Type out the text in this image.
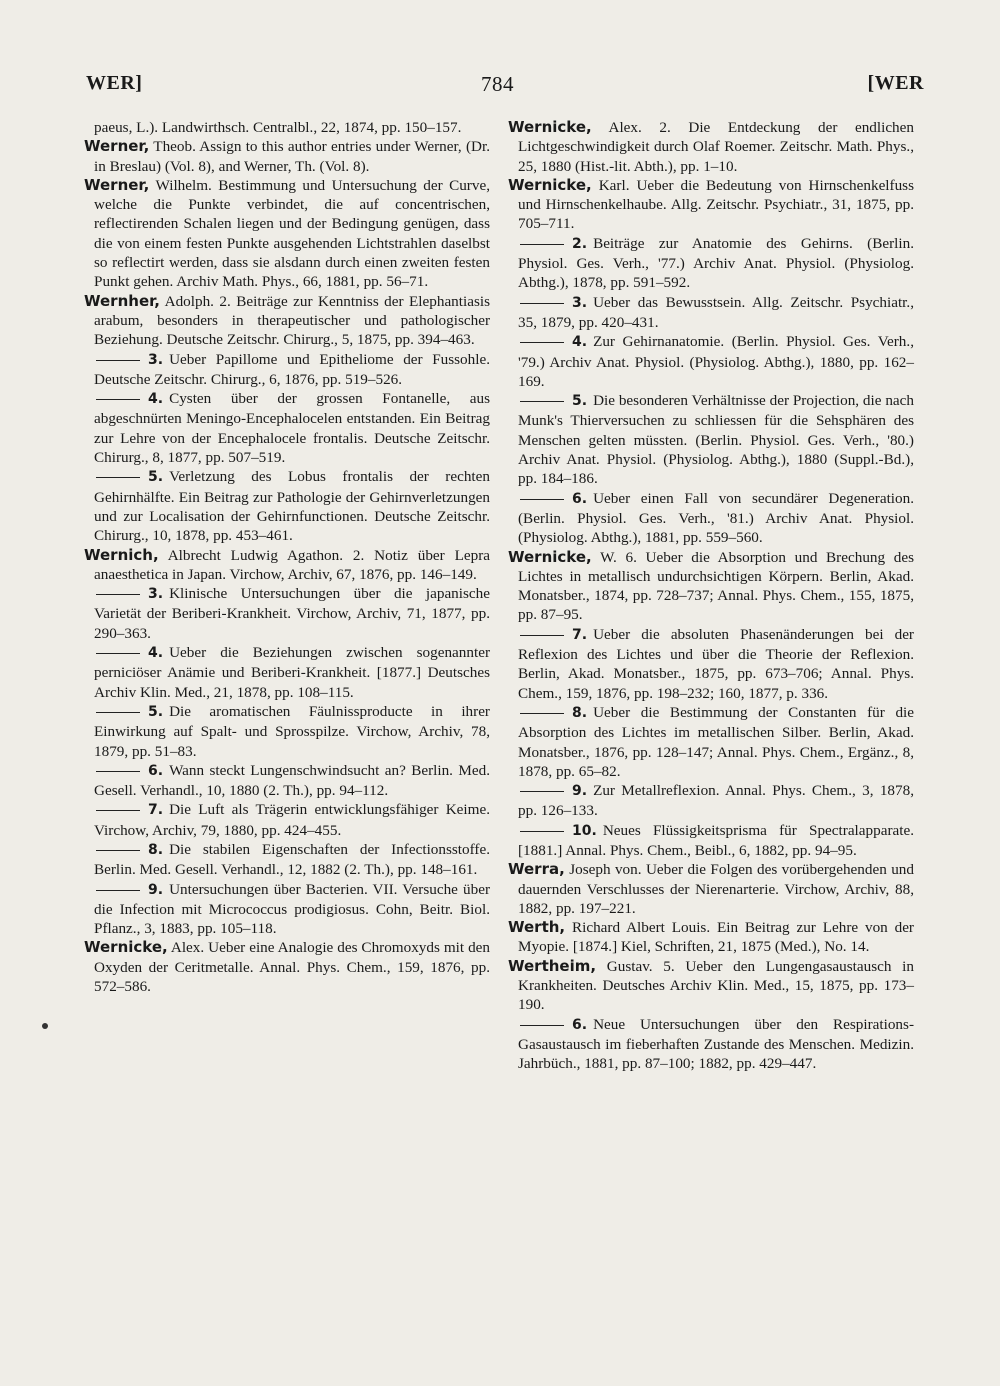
WER]	784	[WER

paeus, L.). Landwirthsch. Centralbl., 22, 1874, pp. 150–157.

Werner, Theob. Assign to this author entries under Werner, (Dr. in Breslau) (Vol. 8), and Werner, Th. (Vol. 8).

Werner, Wilhelm. Bestimmung und Untersuchung der Curve, welche die Punkte verbindet, die auf concentrischen, reflectirenden Schalen liegen und der Bedingung genügen, dass die von einem festen Punkte ausgehenden Lichtstrahlen daselbst so reflectirt werden, dass sie alsdann durch einen zweiten festen Punkt gehen. Archiv Math. Phys., 66, 1881, pp. 56–71.

Wernher, Adolph. 2. Beiträge zur Kenntniss der Elephantiasis arabum, besonders in therapeutischer und pathologischer Beziehung. Deutsche Zeitschr. Chirurg., 5, 1875, pp. 394–463.

3. Ueber Papillome und Epitheliome der Fussohle. Deutsche Zeitschr. Chirurg., 6, 1876, pp. 519–526.

4. Cysten über der grossen Fontanelle, aus abgeschnürten Meningo-Encephalocelen entstanden. Ein Beitrag zur Lehre von der Encephalocele frontalis. Deutsche Zeitschr. Chirurg., 8, 1877, pp. 507–519.

5. Verletzung des Lobus frontalis der rechten Gehirnhälfte. Ein Beitrag zur Pathologie der Gehirnverletzungen und zur Localisation der Gehirnfunctionen. Deutsche Zeitschr. Chirurg., 10, 1878, pp. 453–461.

Wernich, Albrecht Ludwig Agathon. 2. Notiz über Lepra anaesthetica in Japan. Virchow, Archiv, 67, 1876, pp. 146–149.

3. Klinische Untersuchungen über die japanische Varietät der Beriberi-Krankheit. Virchow, Archiv, 71, 1877, pp. 290–363.

4. Ueber die Beziehungen zwischen sogenannter perniciöser Anämie und Beriberi-Krankheit. [1877.] Deutsches Archiv Klin. Med., 21, 1878, pp. 108–115.

5. Die aromatischen Fäulnissproducte in ihrer Einwirkung auf Spalt- und Sprosspilze. Virchow, Archiv, 78, 1879, pp. 51–83.

6. Wann steckt Lungenschwindsucht an? Berlin. Med. Gesell. Verhandl., 10, 1880 (2. Th.), pp. 94–112.

7. Die Luft als Trägerin entwicklungsfähiger Keime. Virchow, Archiv, 79, 1880, pp. 424–455.

8. Die stabilen Eigenschaften der Infectionsstoffe. Berlin. Med. Gesell. Verhandl., 12, 1882 (2. Th.), pp. 148–161.

9. Untersuchungen über Bacterien. VII. Versuche über die Infection mit Micrococcus prodigiosus. Cohn, Beitr. Biol. Pflanz., 3, 1883, pp. 105–118.

Wernicke, Alex. Ueber eine Analogie des Chromoxyds mit den Oxyden der Ceritmetalle. Annal. Phys. Chem., 159, 1876, pp. 572–586.

Wernicke, Alex. 2. Die Entdeckung der endlichen Lichtgeschwindigkeit durch Olaf Roemer. Zeitschr. Math. Phys., 25, 1880 (Hist.-lit. Abth.), pp. 1–10.

Wernicke, Karl. Ueber die Bedeutung von Hirnschenkelfuss und Hirnschenkelhaube. Allg. Zeitschr. Psychiatr., 31, 1875, pp. 705–711.

2. Beiträge zur Anatomie des Gehirns. (Berlin. Physiol. Ges. Verh., '77.) Archiv Anat. Physiol. (Physiolog. Abthg.), 1878, pp. 591–592.

3. Ueber das Bewusstsein. Allg. Zeitschr. Psychiatr., 35, 1879, pp. 420–431.

4. Zur Gehirnanatomie. (Berlin. Physiol. Ges. Verh., '79.) Archiv Anat. Physiol. (Physiolog. Abthg.), 1880, pp. 162–169.

5. Die besonderen Verhältnisse der Projection, die nach Munk's Thierversuchen zu schliessen für die Sehsphären des Menschen gelten müssten. (Berlin. Physiol. Ges. Verh., '80.) Archiv Anat. Physiol. (Physiolog. Abthg.), 1880 (Suppl.-Bd.), pp. 184–186.

6. Ueber einen Fall von secundärer Degeneration. (Berlin. Physiol. Ges. Verh., '81.) Archiv Anat. Physiol. (Physiolog. Abthg.), 1881, pp. 559–560.

Wernicke, W. 6. Ueber die Absorption und Brechung des Lichtes in metallisch undurchsichtigen Körpern. Berlin, Akad. Monatsber., 1874, pp. 728–737; Annal. Phys. Chem., 155, 1875, pp. 87–95.

7. Ueber die absoluten Phasenänderungen bei der Reflexion des Lichtes und über die Theorie der Reflexion. Berlin, Akad. Monatsber., 1875, pp. 673–706; Annal. Phys. Chem., 159, 1876, pp. 198–232; 160, 1877, p. 336.

8. Ueber die Bestimmung der Constanten für die Absorption des Lichtes im metallischen Silber. Berlin, Akad. Monatsber., 1876, pp. 128–147; Annal. Phys. Chem., Ergänz., 8, 1878, pp. 65–82.

9. Zur Metallreflexion. Annal. Phys. Chem., 3, 1878, pp. 126–133.

10. Neues Flüssigkeitsprisma für Spectralapparate. [1881.] Annal. Phys. Chem., Beibl., 6, 1882, pp. 94–95.

Werra, Joseph von. Ueber die Folgen des vorübergehenden und dauernden Verschlusses der Nierenarterie. Virchow, Archiv, 88, 1882, pp. 197–221.

Werth, Richard Albert Louis. Ein Beitrag zur Lehre von der Myopie. [1874.] Kiel, Schriften, 21, 1875 (Med.), No. 14.

Wertheim, Gustav. 5. Ueber den Lungengasaustausch in Krankheiten. Deutsches Archiv Klin. Med., 15, 1875, pp. 173–190.

6. Neue Untersuchungen über den Respirations-Gasaustausch im fieberhaften Zustande des Menschen. Medizin. Jahrbüch., 1881, pp. 87–100; 1882, pp. 429–447.
